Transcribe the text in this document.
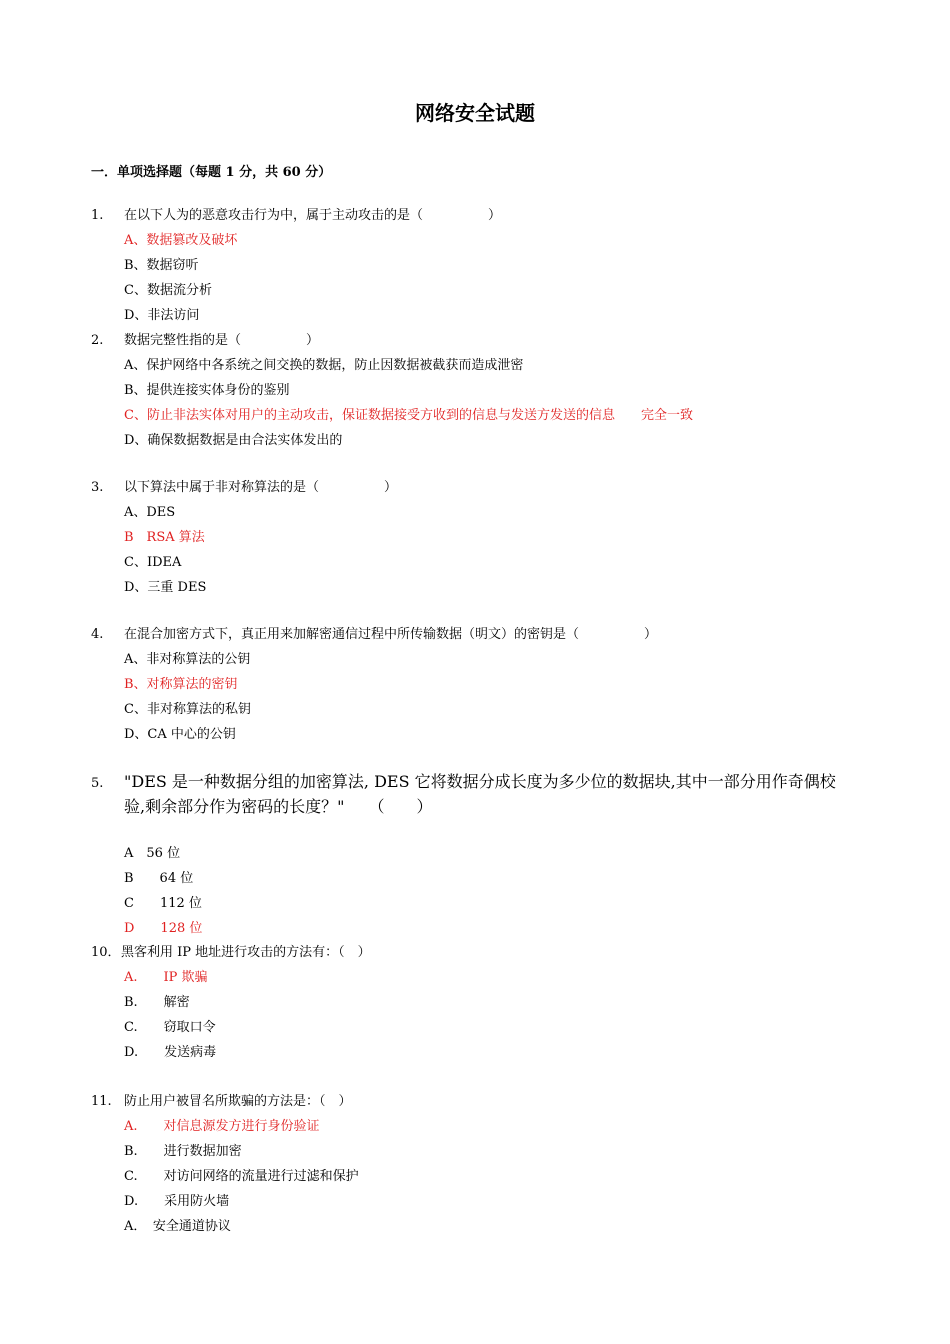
网络安全试题
一．单项选择题（每题 1 分，共 60 分）
1. 在以下人为的恶意攻击行为中，属于主动攻击的是（　　　　　）
A、数据篡改及破坏
B、数据窃听
C、数据流分析
D、非法访问
2. 数据完整性指的是（　　　　　）
A、保护网络中各系统之间交换的数据，防止因数据被截获而造成泄密
B、提供连接实体身份的鉴别
C、防止非法实体对用户的主动攻击，保证数据接受方收到的信息与发送方发送的信息　　完全一致
D、确保数据数据是由合法实体发出的
3. 以下算法中属于非对称算法的是（　　　　　）
A、DES
B　RSA 算法
C、IDEA
D、三重 DES
4. 在混合加密方式下，真正用来加解密通信过程中所传输数据（明文）的密钥是（　　　　　）
A、非对称算法的公钥
B、对称算法的密钥
C、非对称算法的私钥
D、CA 中心的公钥
5. "DES 是一种数据分组的加密算法, DES 它将数据分成长度为多少位的数据块,其中一部分用作奇偶校
验,剩余部分作为密码的长度？"　　（　　）
A　56 位
B　　64 位
C　　112 位
D　　128 位
10． 黑客利用 IP 地址进行攻击的方法有：（　）
A.　　IP 欺骗
B.　　解密
C.　　窃取口令
D.　　发送病毒
11. 防止用户被冒名所欺骗的方法是：（　）
A.　　对信息源发方进行身份验证
B.　　进行数据加密
C.　　对访问网络的流量进行过滤和保护
D.　　采用防火墙
A．　安全通道协议
